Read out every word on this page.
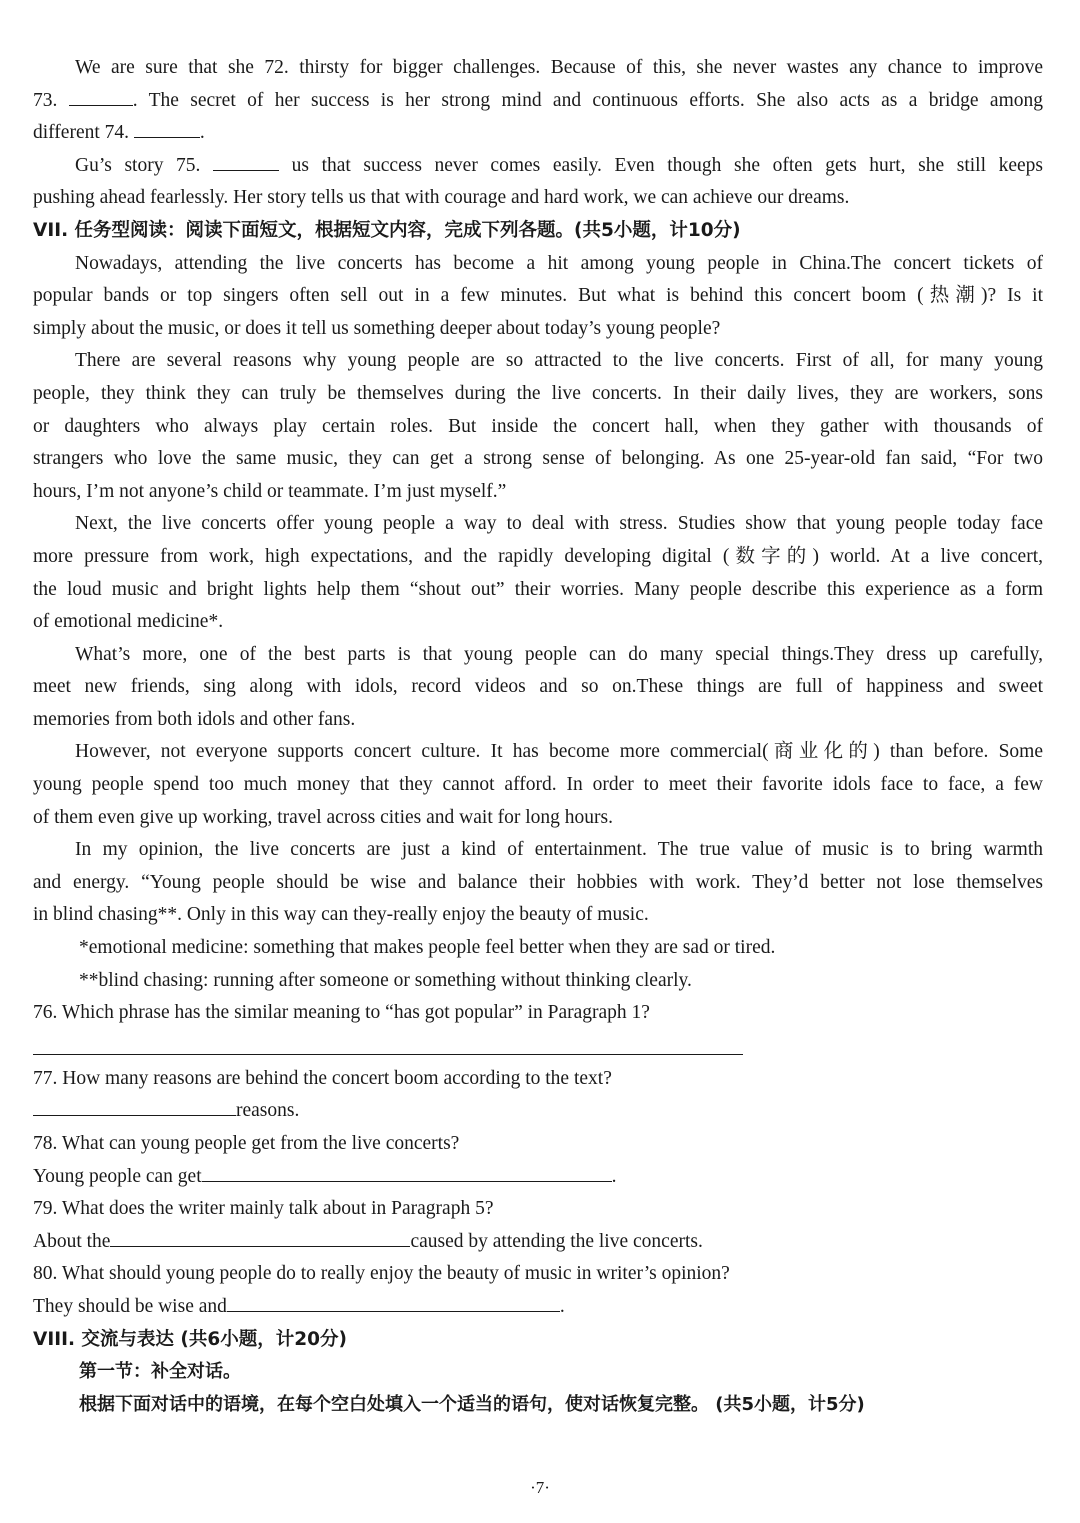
We are sure that she 72. thirsty for bigger challenges. Because of this, she never wastes any chance to improve

73.	. The secret of her success is her strong mind and continuous efforts. She also acts as a bridge among

different 74.	.

Gu’s story 75.	us that success never comes easily. Even though she often gets hurt, she still keeps

pushing ahead fearlessly. Her story tells us that with courage and hard work, we can achieve our dreams.

VII. 任务型阅读：阅读下面短文，根据短文内容，完成下列各题。(共5小题，计10分)

Nowadays, attending the live concerts has become a hit among young people in China.The concert tickets of

popular bands or top singers often sell out in a few minutes. But what is behind this concert boom (热潮)? Is it

simply about the music, or does it tell us something deeper about today’s young people?

There are several reasons why young people are so attracted to the live concerts. First of all, for many young

people, they think they can truly be themselves during the live concerts. In their daily lives, they are workers, sons

or daughters who always play certain roles. But inside the concert hall, when they gather with thousands of

strangers who love the same music, they can get a strong sense of belonging. As one 25-year-old fan said, “For two

hours, I’m not anyone’s child or teammate. I’m just myself.”

Next, the live concerts offer young people a way to deal with stress. Studies show that young people today face

more pressure from work, high expectations, and the rapidly developing digital (数字的) world. At a live concert,

the loud music and bright lights help them “shout out” their worries. Many people describe this experience as a form

of emotional medicine*.

What’s more, one of the best parts is that young people can do many special things.They dress up carefully,

meet new friends, sing along with idols, record videos and so on.These things are full of happiness and sweet

memories from both idols and other fans.

However, not everyone supports concert culture. It has become more commercial(商业化的) than before. Some

young people spend too much money that they cannot afford. In order to meet their favorite idols face to face, a few

of them even give up working, travel across cities and wait for long hours.

In my opinion, the live concerts are just a kind of entertainment. The true value of music is to bring warmth

and energy. “Young people should be wise and balance their hobbies with work. They’d better not lose themselves

in blind chasing**. Only in this way can they-really enjoy the beauty of music.

*emotional medicine: something that makes people feel better when they are sad or tired.

**blind chasing: running after someone or something without thinking clearly.

76. Which phrase has the similar meaning to “has got popular” in Paragraph 1?

77. How many reasons are behind the concert boom according to the text?

reasons.

78. What can young people get from the live concerts?

Young people can get	.

79. What does the writer mainly talk about in Paragraph 5?

About the	caused by attending the live concerts.

80. What should young people do to really enjoy the beauty of music in writer’s opinion?

They should be wise and	.

VIII. 交流与表达 (共6小题，计20分)

第一节：补全对话。

根据下面对话中的语境，在每个空白处填入一个适当的语句，使对话恢复完整。 (共5小题，计5分)

·7·
